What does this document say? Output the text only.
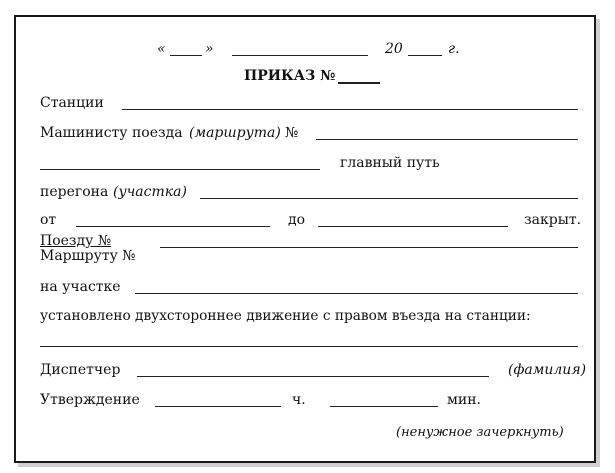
«	»	20	г.
ПРИКАЗ №
Станции
Машинисту поезда (маршрута) №
главный путь
перегона (участка)
от	до	закрыт.
Поезду №
Маршруту №
на участке
установлено двухстороннее движение с правом въезда на станции:
Диспетчер	(фамилия)
Утверждение	ч.	мин.
(ненужное зачеркнуть)
